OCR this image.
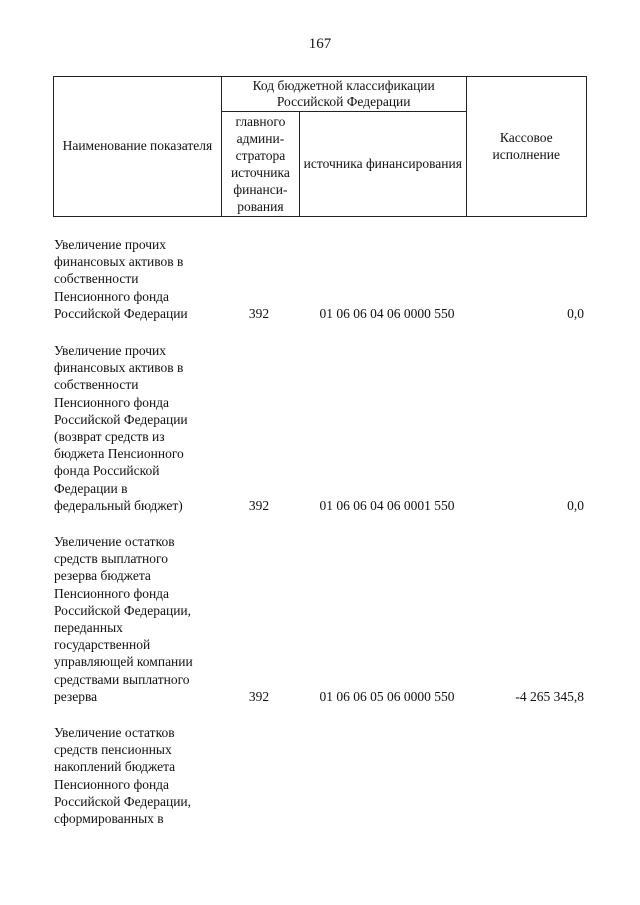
167
Наименование показателя	Код бюджетной классификации Российской Федерации		Кассовое исполнение
	главного админи-стратора источника финанси-рования	источника финансирования	
Увеличение прочих
финансовых активов в
собственности
Пенсионного фонда
Российской Федерации	392	01 06 06 04 06 0000 550	0,0
Увеличение прочих
финансовых активов в
собственности
Пенсионного фонда
Российской Федерации
(возврат средств из
бюджета Пенсионного
фонда Российской
Федерации в
федеральный бюджет)	392	01 06 06 04 06 0001 550	0,0
Увеличение остатков
средств выплатного
резерва бюджета
Пенсионного фонда
Российской Федерации,
переданных
государственной
управляющей компании
средствами выплатного
резерва	392	01 06 06 05 06 0000 550	-4 265 345,8
Увеличение остатков
средств пенсионных
накоплений бюджета
Пенсионного фонда
Российской Федерации,
сформированных в
